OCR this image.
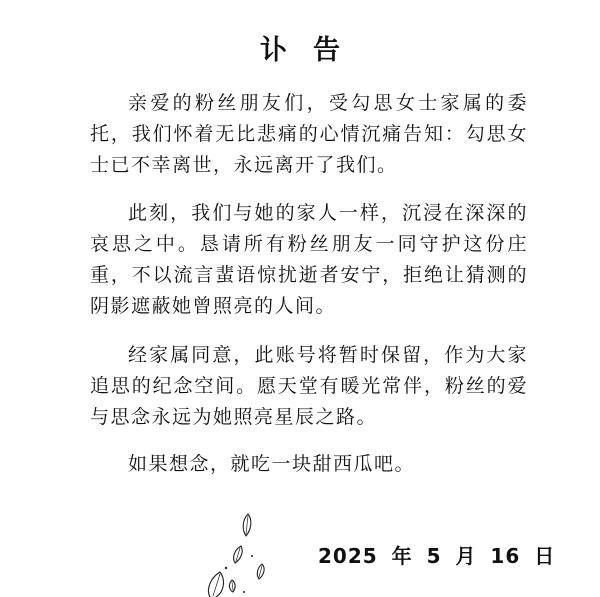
讣告
亲爱的粉丝朋友们，受勾思女士家属的委托，我们怀着无比悲痛的心情沉痛告知：勾思女士已不幸离世，永远离开了我们。
此刻，我们与她的家人一样，沉浸在深深的哀思之中。恳请所有粉丝朋友一同守护这份庄重，不以流言蜚语惊扰逝者安宁，拒绝让猜测的阴影遮蔽她曾照亮的人间。
经家属同意，此账号将暂时保留，作为大家追思的纪念空间。愿天堂有暖光常伴，粉丝的爱与思念永远为她照亮星辰之路。
如果想念，就吃一块甜西瓜吧。
2025 年 5 月 16 日
